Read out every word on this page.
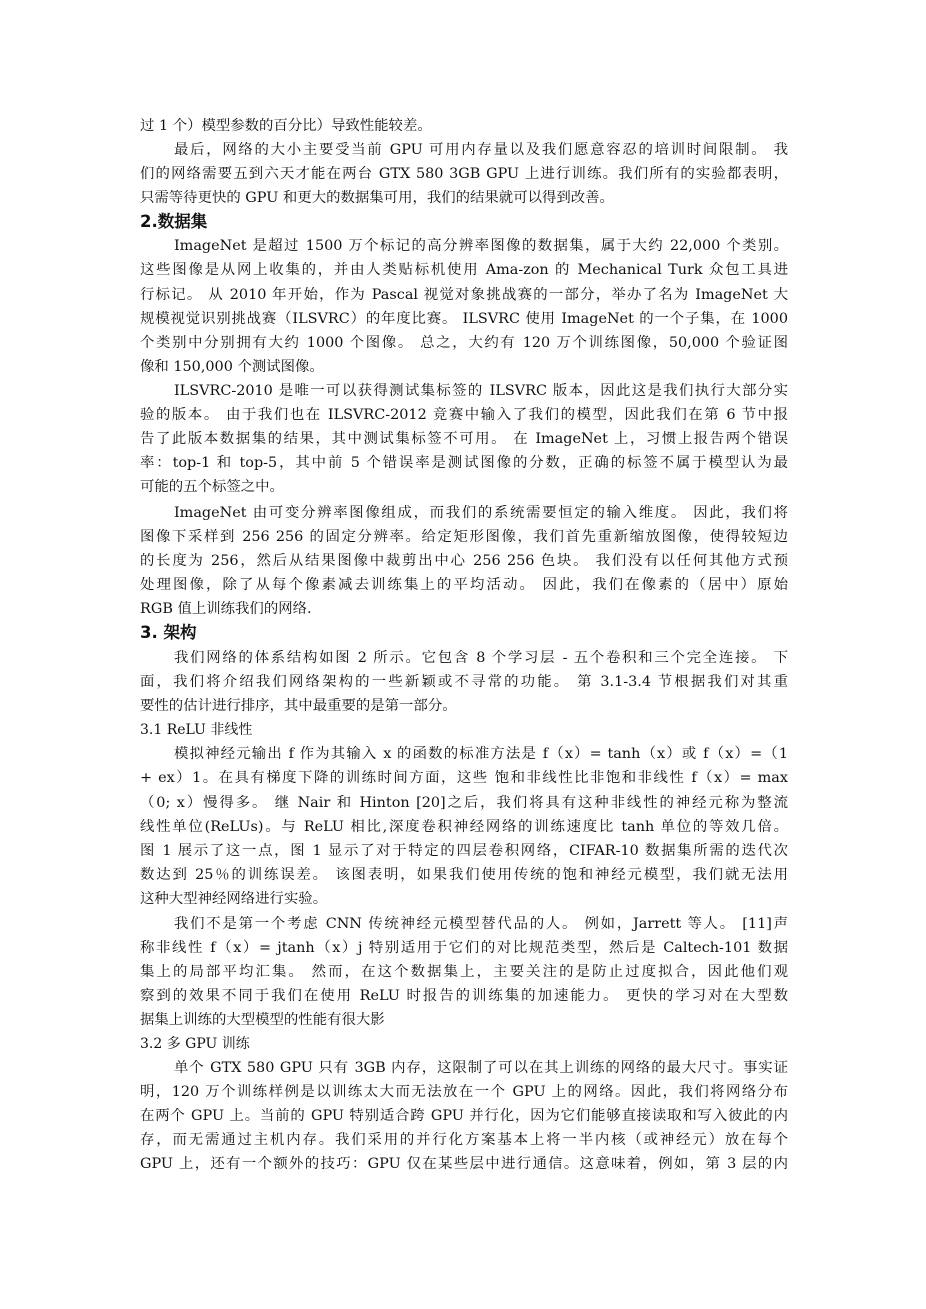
过 1 个）模型参数的百分比）导致性能较差。
最后，网络的大小主要受当前 GPU 可用内存量以及我们愿意容忍的培训时间限制。 我
们的网络需要五到六天才能在两台 GTX 580 3GB GPU 上进行训练。我们所有的实验都表明，
只需等待更快的 GPU 和更大的数据集可用，我们的结果就可以得到改善。
2.数据集
ImageNet 是超过 1500 万个标记的高分辨率图像的数据集，属于大约 22,000 个类别。
这些图像是从网上收集的，并由人类贴标机使用 Ama-zon 的 Mechanical Turk 众包工具进
行标记。 从 2010 年开始，作为 Pascal 视觉对象挑战赛的一部分，举办了名为 ImageNet 大
规模视觉识别挑战赛（ILSVRC）的年度比赛。 ILSVRC 使用 ImageNet 的一个子集，在 1000
个类别中分别拥有大约 1000 个图像。 总之，大约有 120 万个训练图像，50,000 个验证图
像和 150,000 个测试图像。
ILSVRC-2010 是唯一可以获得测试集标签的 ILSVRC 版本，因此这是我们执行大部分实
验的版本。 由于我们也在 ILSVRC-2012 竞赛中输入了我们的模型，因此我们在第 6 节中报
告了此版本数据集的结果，其中测试集标签不可用。 在 ImageNet 上，习惯上报告两个错误
率：top-1 和 top-5，其中前 5 个错误率是测试图像的分数，正确的标签不属于模型认为最
可能的五个标签之中。
ImageNet 由可变分辨率图像组成，而我们的系统需要恒定的输入维度。 因此，我们将
图像下采样到 256 256 的固定分辨率。给定矩形图像，我们首先重新缩放图像，使得较短边
的长度为 256，然后从结果图像中裁剪出中心 256 256 色块。 我们没有以任何其他方式预
处理图像，除了从每个像素减去训练集上的平均活动。 因此，我们在像素的（居中）原始
RGB 值上训练我们的网络.
3. 架构
我们网络的体系结构如图 2 所示。它包含 8 个学习层 - 五个卷积和三个完全连接。 下
面，我们将介绍我们网络架构的一些新颖或不寻常的功能。 第 3.1-3.4 节根据我们对其重
要性的估计进行排序，其中最重要的是第一部分。
3.1 ReLU 非线性
模拟神经元输出 f 作为其输入 x 的函数的标准方法是 f（x）= tanh（x）或 f（x）=（1
+ ex）1。在具有梯度下降的训练时间方面，这些 饱和非线性比非饱和非线性 f（x）= max
（0; x）慢得多。 继 Nair 和 Hinton [20]之后，我们将具有这种非线性的神经元称为整流
线性单位(ReLUs)。与 ReLU 相比,深度卷积神经网络的训练速度比 tanh 单位的等效几倍。
图 1 展示了这一点，图 1 显示了对于特定的四层卷积网络，CIFAR-10 数据集所需的迭代次
数达到 25％的训练误差。 该图表明，如果我们使用传统的饱和神经元模型，我们就无法用
这种大型神经网络进行实验。
我们不是第一个考虑 CNN 传统神经元模型替代品的人。 例如，Jarrett 等人。 [11]声
称非线性 f（x）= jtanh（x）j 特别适用于它们的对比规范类型，然后是 Caltech-101 数据
集上的局部平均汇集。 然而，在这个数据集上，主要关注的是防止过度拟合，因此他们观
察到的效果不同于我们在使用 ReLU 时报告的训练集的加速能力。 更快的学习对在大型数
据集上训练的大型模型的性能有很大影
3.2 多 GPU 训练
单个 GTX 580 GPU 只有 3GB 内存，这限制了可以在其上训练的网络的最大尺寸。事实证
明，120 万个训练样例是以训练太大而无法放在一个 GPU 上的网络。因此，我们将网络分布
在两个 GPU 上。当前的 GPU 特别适合跨 GPU 并行化，因为它们能够直接读取和写入彼此的内
存，而无需通过主机内存。我们采用的并行化方案基本上将一半内核（或神经元）放在每个
GPU 上，还有一个额外的技巧：GPU 仅在某些层中进行通信。这意味着，例如，第 3 层的内
